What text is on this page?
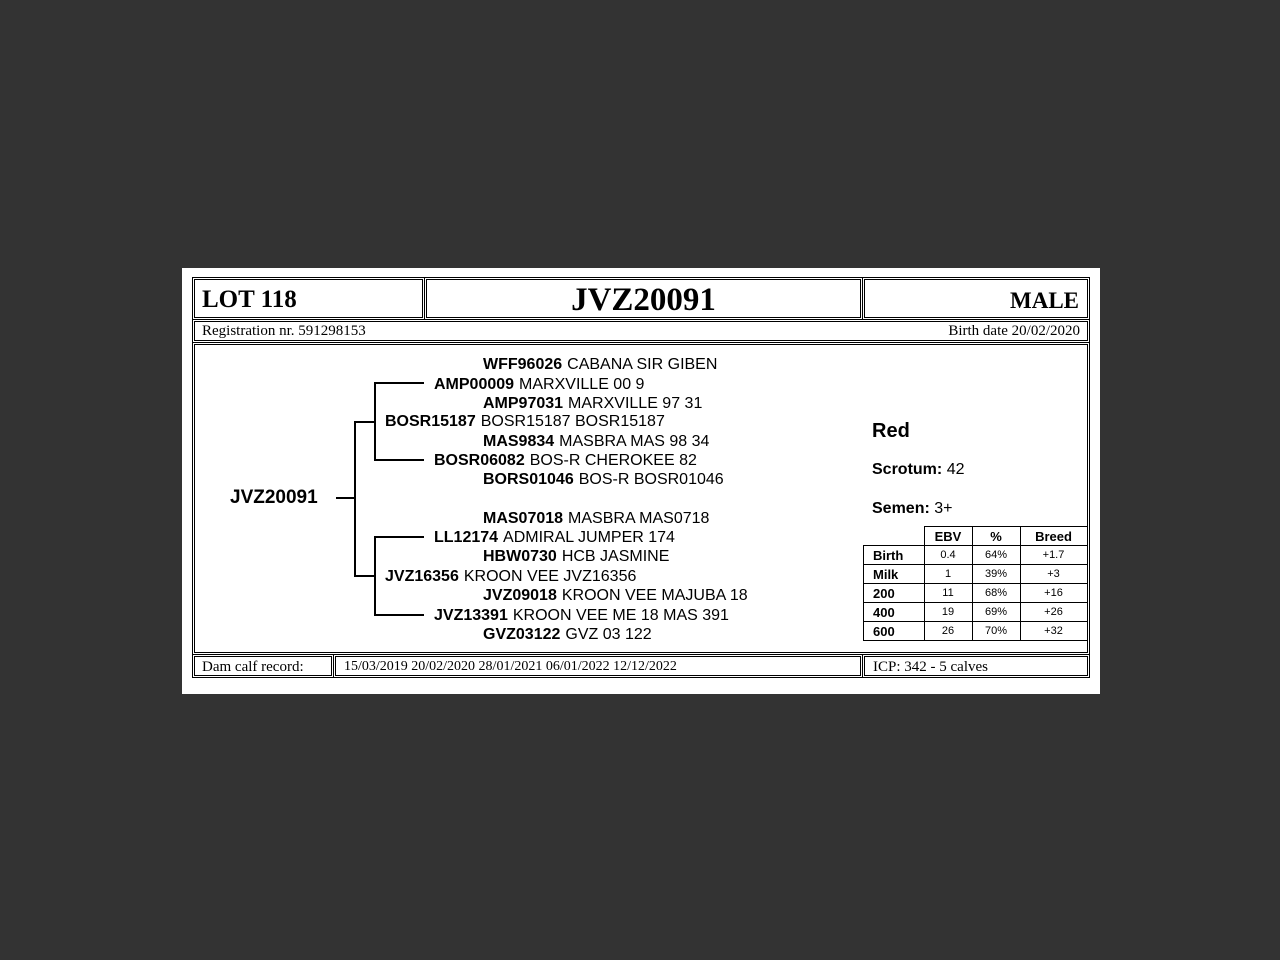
LOT 118	JVZ20091	MALE
Registration nr. 591298153	Birth date 20/02/2020
JVZ20091
WFF96026 CABANA SIR GIBEN
AMP00009 MARXVILLE 00 9
AMP97031 MARXVILLE 97 31
BOSR15187 BOSR15187 BOSR15187
MAS9834 MASBRA MAS 98 34
BOSR06082 BOS-R CHEROKEE 82
BORS01046 BOS-R BOSR01046
MAS07018 MASBRA MAS0718
LL12174 ADMIRAL JUMPER 174
HBW0730 HCB JASMINE
JVZ16356 KROON VEE JVZ16356
JVZ09018 KROON VEE MAJUBA 18
JVZ13391 KROON VEE ME 18 MAS 391
GVZ03122 GVZ 03 122
Red
Scrotum: 42
Semen: 3+
	EBV	%	Breed
Birth	0.4	64%	+1.7
Milk	1	39%	+3
200	11	68%	+16
400	19	69%	+26
600	26	70%	+32
Dam calf record:	15/03/2019 20/02/2020 28/01/2021 06/01/2022 12/12/2022	ICP: 342 - 5 calves
